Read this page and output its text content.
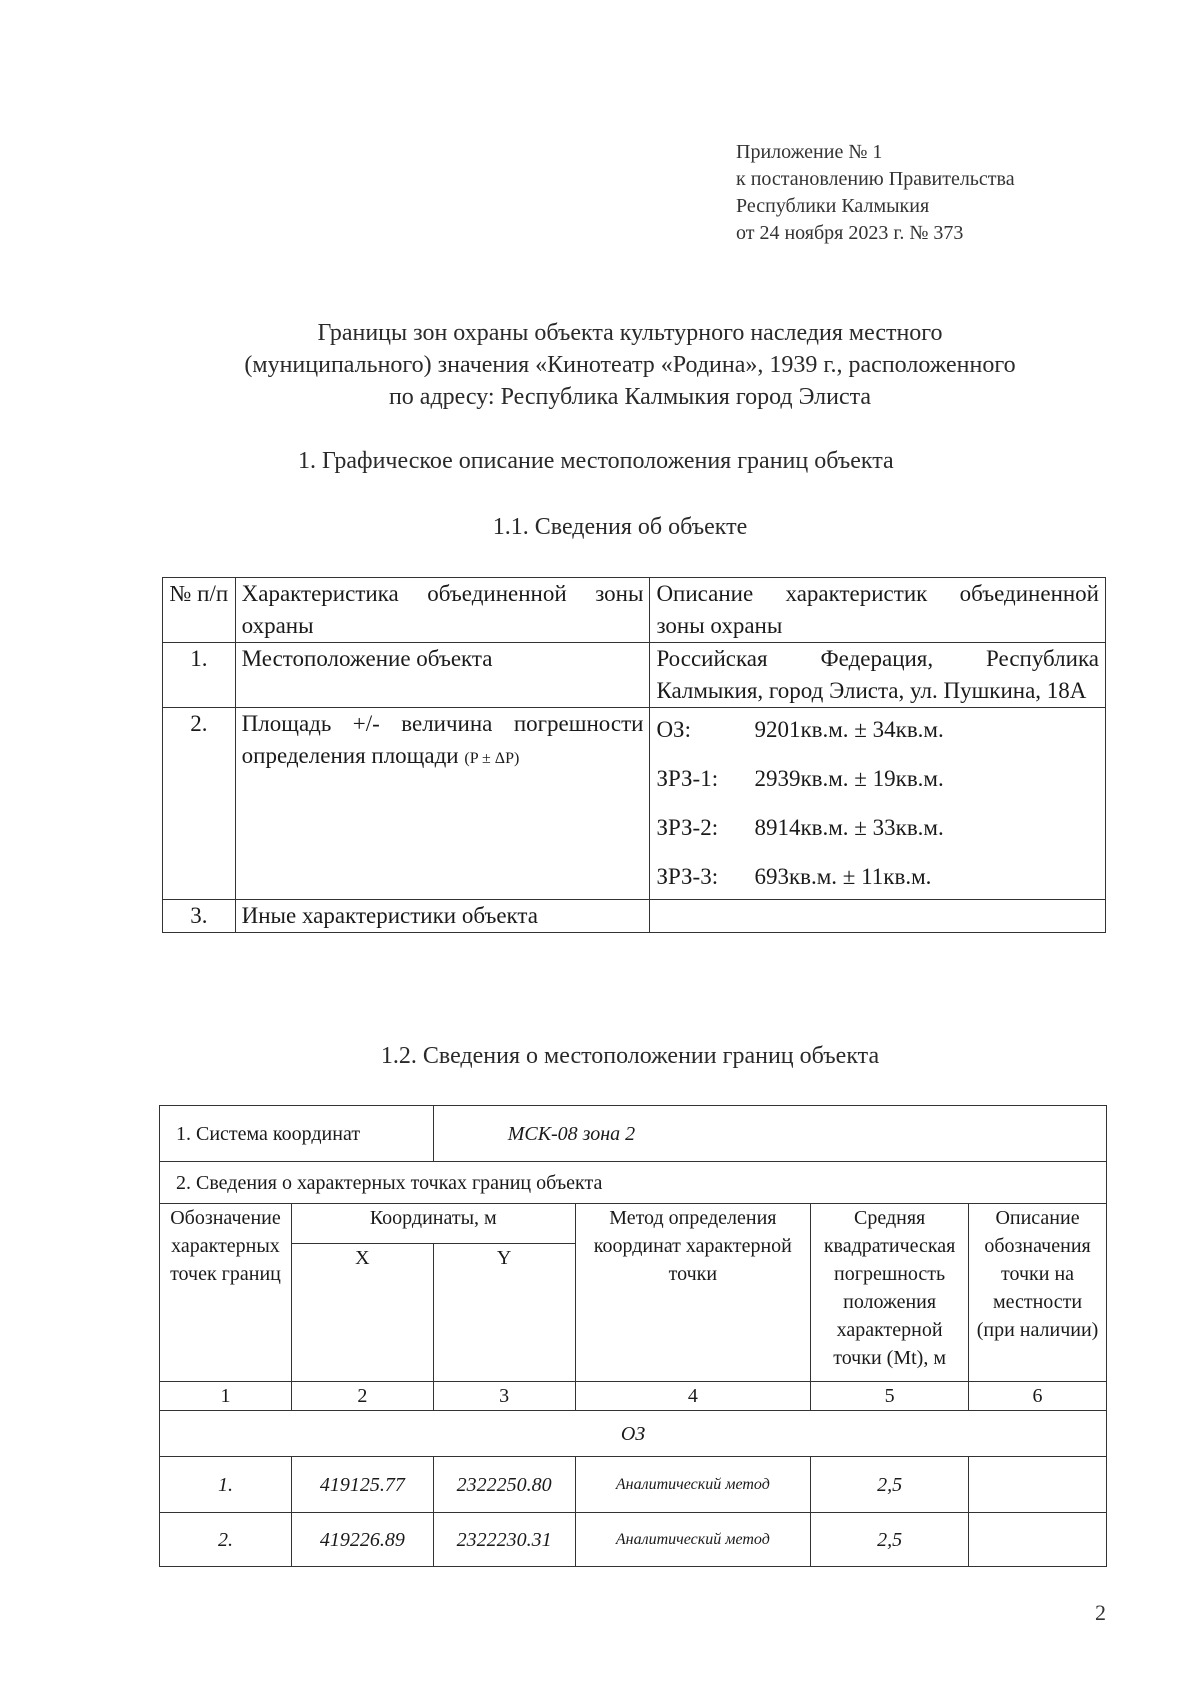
Приложение № 1
к постановлению Правительства
Республики Калмыкия
от 24 ноября 2023 г. № 373
Границы зон охраны объекта культурного наследия местного
(муниципального) значения «Кинотеатр «Родина», 1939 г., расположенного
по адресу: Республика Калмыкия город Элиста
1. Графическое описание местоположения границ объекта
1.1. Сведения об объекте
№ п/п	Характеристика объединенной зоны охраны	Описание характеристик объединенной зоны охраны
1.	Местоположение объекта	Российская Федерация, Республика Калмыкия, город Элиста, ул. Пушкина, 18А
2.	Площадь +/- величина погрешности определения площади (P ± ΔP)	ОЗ: 9201кв.м. ± 34кв.м.
ЗРЗ-1: 2939кв.м. ± 19кв.м.
ЗРЗ-2: 8914кв.м. ± 33кв.м.
ЗРЗ-3: 693кв.м. ± 11кв.м.

3.	Иные характеристики объекта	
1.2. Сведения о местоположении границ объекта
1. Система координат		МСК-08 зона 2			
2. Сведения о характерных точках границ объекта					
Обозначение характерных точек границ	Координаты, м		Метод определения координат характерной точки	Средняя квадратическая погрешность положения характерной точки (Mt), м	Описание обозначения точки на местности (при наличии)
	X	Y			
1	2	3	4	5	6
ОЗ					
1.	419125.77	2322250.80	Аналитический метод	2,5	
2.	419226.89	2322230.31	Аналитический метод	2,5	
2
